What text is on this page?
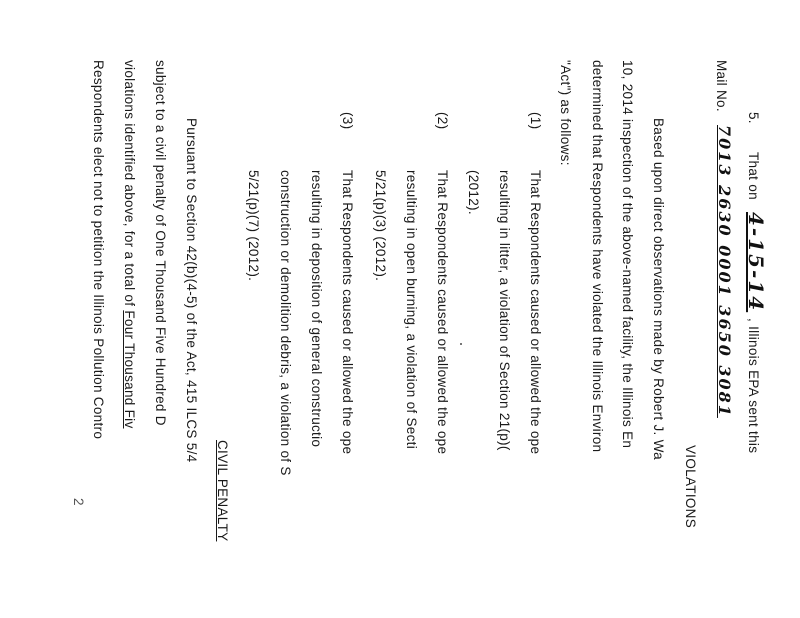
5.
That on
4-15-14
, Illinois EPA sent this
Mail No.
7013 2630 0001 3650 3081
VIOLATIONS
Based upon direct observations made by Robert J. Wa
10, 2014 inspection of the above-named facility, the Illinois En
determined that Respondents have violated the Illinois Environ
"Act") as follows:
(1)
That Respondents caused or allowed the ope
resulting in litter, a violation of Section 21(p)(
(2012).
(2)
That Respondents caused or allowed the ope
resulting in open burning, a violation of Secti
5/21(p)(3) (2012).
(3)
That Respondents caused or allowed the ope
resulting in deposition of general constructio
construction or demolition debris, a violation of S
5/21(p)(7) (2012).
CIVIL PENALTY
Pursuant to Section 42(b)(4-5) of the Act, 415 ILCS 5/4
subject to a civil penalty of One Thousand Five Hundred D
violations identified above, for a total of Four Thousand Fiv
Respondents elect not to petition the Illinois Pollution Contro
2
